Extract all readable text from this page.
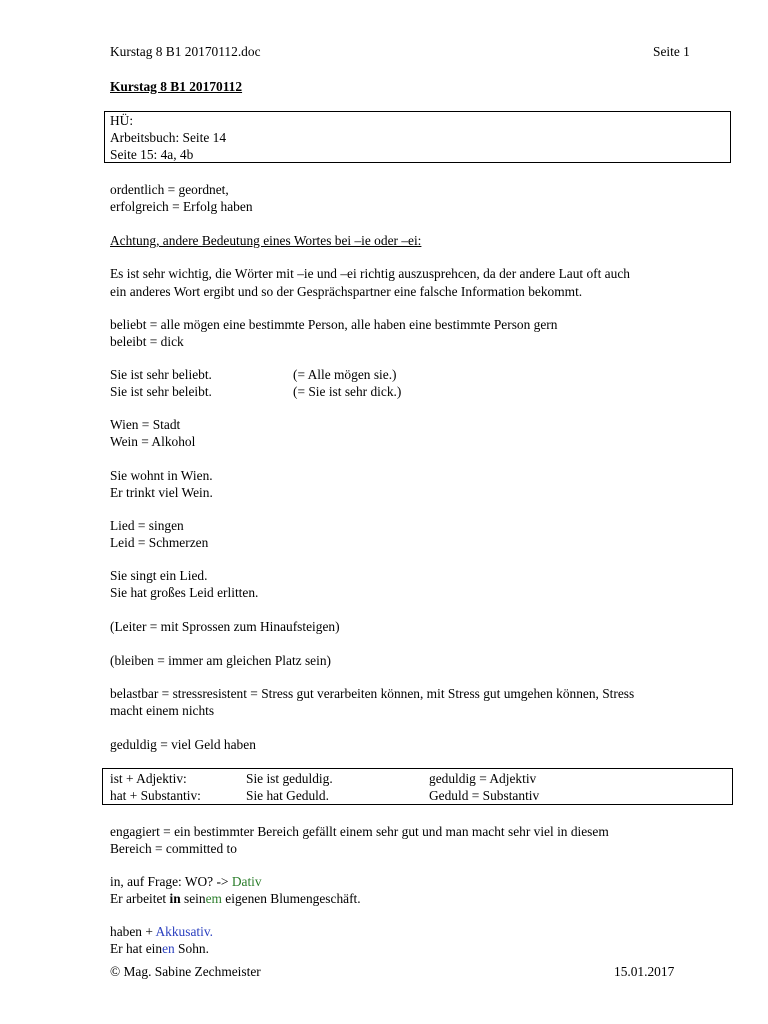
Kurstag 8 B1 20170112.doc	Seite 1
Kurstag 8 B1 20170112
HÜ:
Arbeitsbuch: Seite 14
Seite 15: 4a, 4b
ordentlich = geordnet,
erfolgreich = Erfolg haben
Achtung, andere Bedeutung eines Wortes bei –ie oder –ei:
Es ist sehr wichtig, die Wörter mit –ie und –ei richtig auszusprehcen, da der andere Laut oft auch
ein anderes Wort ergibt und so der Gesprächspartner eine falsche Information bekommt.
beliebt = alle mögen eine bestimmte Person, alle haben eine bestimmte Person gern
beleibt = dick
Sie ist sehr beliebt.	(= Alle mögen sie.)
Sie ist sehr beleibt.	(= Sie ist sehr dick.)
Wien = Stadt
Wein = Alkohol
Sie wohnt in Wien.
Er trinkt viel Wein.
Lied = singen
Leid = Schmerzen
Sie singt ein Lied.
Sie hat großes Leid erlitten.
(Leiter = mit Sprossen zum Hinaufsteigen)
(bleiben = immer am gleichen Platz sein)
belastbar = stressresistent = Stress gut verarbeiten können, mit Stress gut umgehen können, Stress
macht einem nichts
geduldig = viel Geld haben
ist + Adjektiv:	Sie ist geduldig.	geduldig = Adjektiv
hat + Substantiv:	Sie hat Geduld.	Geduld = Substantiv
engagiert = ein bestimmter Bereich gefällt einem sehr gut und man macht sehr viel in diesem
Bereich = committed to
in, auf Frage: WO? -> Dativ
Er arbeitet in seinem eigenen Blumengeschäft.
haben + Akkusativ.
Er hat einen Sohn.
© Mag. Sabine Zechmeister	15.01.2017
